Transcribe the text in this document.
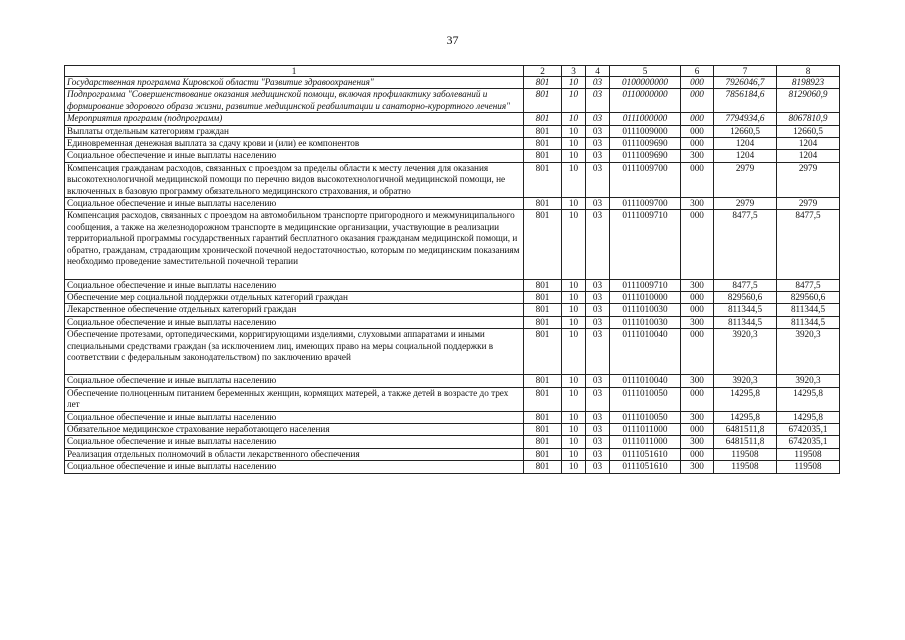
37
1	2	3	4	5	6	7	8
Государственная программа Кировской области "Развитие здравоохранения"	801	10	03	0100000000	000	7926046,7	8198923
Подпрограмма "Совершенствование оказания медицинской помощи, включая профилактику заболеваний и формирование здорового образа жизни, развитие медицинской реабилитации и санаторно-курортного лечения"	801	10	03	0110000000	000	7856184,6	8129060,9
Мероприятия программ (подпрограмм)	801	10	03	0111000000	000	7794934,6	8067810,9
Выплаты отдельным категориям граждан	801	10	03	0111009000	000	12660,5	12660,5
Единовременная денежная выплата за сдачу крови и (или) ее компонентов	801	10	03	0111009690	000	1204	1204
Социальное обеспечение и иные выплаты населению	801	10	03	0111009690	300	1204	1204
Компенсация гражданам расходов, связанных с проездом за пределы области к месту лечения для оказания высокотехнологичной медицинской помощи по перечню видов высокотехнологичной медицинской помощи, не включенных в базовую программу обязательного медицинского страхования, и обратно	801	10	03	0111009700	000	2979	2979
Социальное обеспечение и иные выплаты населению	801	10	03	0111009700	300	2979	2979
Компенсация расходов, связанных с проездом на автомобильном транспорте пригородного и межмуниципального сообщения, а также на железнодорожном транспорте в медицинские организации, участвующие в реализации территориальной программы государственных гарантий бесплатного оказания гражданам медицинской помощи, и обратно, гражданам, страдающим хронической почечной недостаточностью, которым по медицинским показаниям необходимо проведение заместительной почечной терапии	801	10	03	0111009710	000	8477,5	8477,5
Социальное обеспечение и иные выплаты населению	801	10	03	0111009710	300	8477,5	8477,5
Обеспечение мер социальной поддержки отдельных категорий граждан	801	10	03	0111010000	000	829560,6	829560,6
Лекарственное обеспечение отдельных категорий граждан	801	10	03	0111010030	000	811344,5	811344,5
Социальное обеспечение и иные выплаты населению	801	10	03	0111010030	300	811344,5	811344,5
Обеспечение протезами, ортопедическими, корригирующими изделиями, слуховыми аппаратами и иными специальными средствами граждан (за исключением лиц, имеющих право на меры социальной поддержки в соответствии с федеральным законодательством) по заключению врачей	801	10	03	0111010040	000	3920,3	3920,3
Социальное обеспечение и иные выплаты населению	801	10	03	0111010040	300	3920,3	3920,3
Обеспечение полноценным питанием беременных женщин, кормящих матерей, а также детей в возрасте до трех лет	801	10	03	0111010050	000	14295,8	14295,8
Социальное обеспечение и иные выплаты населению	801	10	03	0111010050	300	14295,8	14295,8
Обязательное медицинское страхование неработающего населения	801	10	03	0111011000	000	6481511,8	6742035,1
Социальное обеспечение и иные выплаты населению	801	10	03	0111011000	300	6481511,8	6742035,1
Реализация отдельных полномочий в области лекарственного обеспечения	801	10	03	0111051610	000	119508	119508
Социальное обеспечение и иные выплаты населению	801	10	03	0111051610	300	119508	119508
